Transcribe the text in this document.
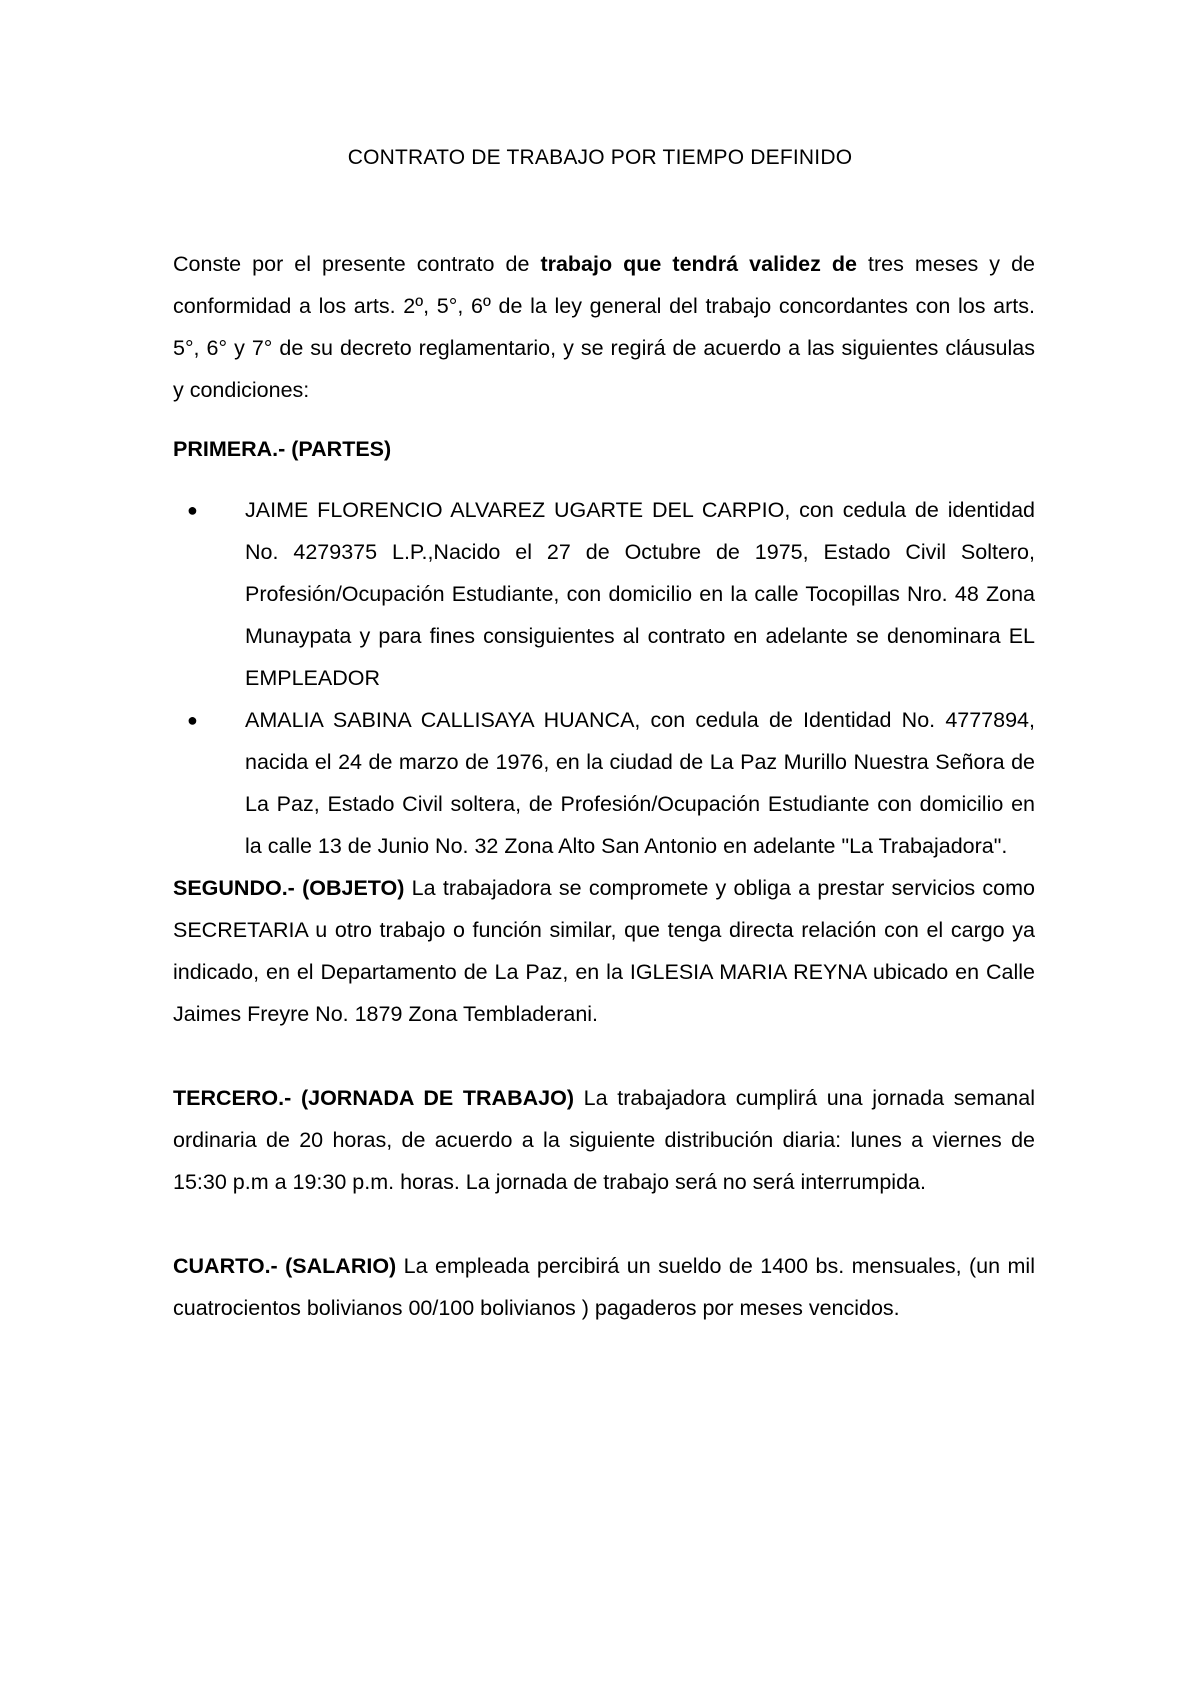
CONTRATO DE TRABAJO POR TIEMPO DEFINIDO

Conste por el presente contrato de trabajo que tendrá validez de tres meses y de conformidad a los arts. 2º, 5°, 6º de la ley general del trabajo concordantes con los arts. 5°, 6° y 7° de su decreto reglamentario, y se regirá de acuerdo a las siguientes cláusulas y condiciones:

PRIMERA.- (PARTES)

● JAIME FLORENCIO ALVAREZ UGARTE DEL CARPIO, con cedula de identidad No. 4279375 L.P.,Nacido el 27 de Octubre de 1975, Estado Civil Soltero, Profesión/Ocupación Estudiante, con domicilio en la calle Tocopillas Nro. 48 Zona Munaypata y para fines consiguientes al contrato en adelante se denominara EL EMPLEADOR
● AMALIA SABINA CALLISAYA HUANCA, con cedula de Identidad No. 4777894, nacida el 24 de marzo de 1976, en la ciudad de La Paz Murillo Nuestra Señora de La Paz, Estado Civil soltera, de Profesión/Ocupación Estudiante con domicilio en la calle 13 de Junio No. 32 Zona Alto San Antonio en adelante "La Trabajadora".

SEGUNDO.- (OBJETO) La trabajadora se compromete y obliga a prestar servicios como SECRETARIA u otro trabajo o función similar, que tenga directa relación con el cargo ya indicado, en el Departamento de La Paz, en la IGLESIA MARIA REYNA ubicado en Calle Jaimes Freyre No. 1879 Zona Tembladerani.

TERCERO.- (JORNADA DE TRABAJO) La trabajadora cumplirá una jornada semanal ordinaria de 20 horas, de acuerdo a la siguiente distribución diaria: lunes a viernes de 15:30 p.m a 19:30 p.m. horas. La jornada de trabajo será no será interrumpida.

CUARTO.- (SALARIO) La empleada percibirá un sueldo de 1400 bs. mensuales, (un mil cuatrocientos bolivianos 00/100 bolivianos ) pagaderos por meses vencidos.
